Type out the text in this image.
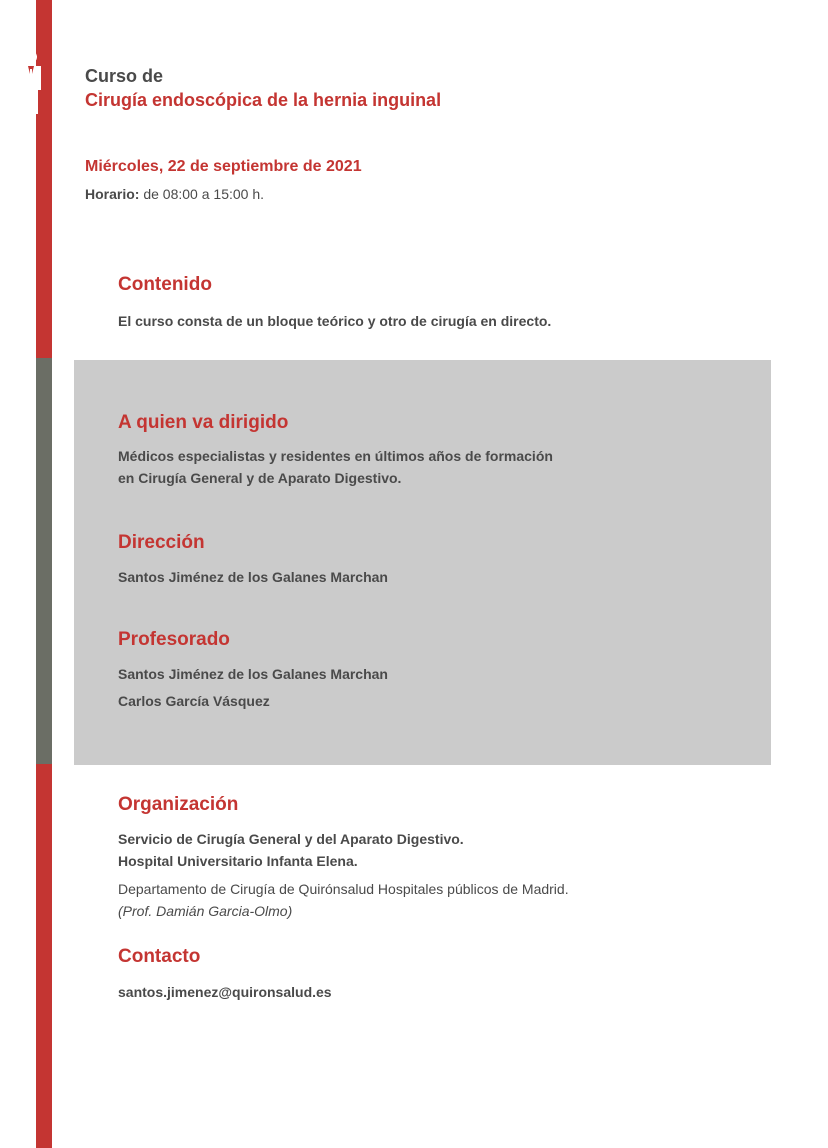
Curso de
Cirugía endoscópica de la hernia inguinal
Miércoles, 22 de septiembre de 2021
Horario: de 08:00 a 15:00 h.

Contenido

El curso consta de un bloque teórico y otro de cirugía en directo.

A quien va dirigido

Médicos especialistas y residentes en últimos años de formación

en Cirugía General y de Aparato Digestivo.

Dirección

Santos Jiménez de los Galanes Marchan

Profesorado

Santos Jiménez de los Galanes Marchan

Carlos García Vásquez

Organización

Servicio de Cirugía General y del Aparato Digestivo.

Hospital Universitario Infanta Elena.

Departamento de Cirugía de Quirónsalud Hospitales públicos de Madrid.

(Prof. Damián Garcia-Olmo)

Contacto

santos.jimenez@quironsalud.es
